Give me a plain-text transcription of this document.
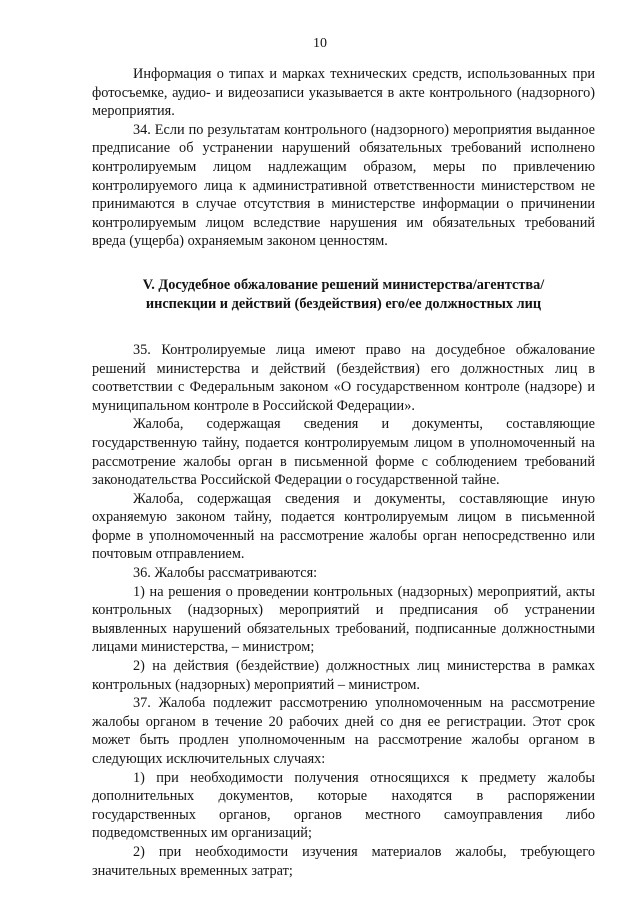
10

Информация о типах и марках технических средств, использованных при фотосъемке, аудио- и видеозаписи указывается в акте контрольного (надзорного) мероприятия.

34. Если по результатам контрольного (надзорного) мероприятия выданное предписание об устранении нарушений обязательных требований исполнено контролируемым лицом надлежащим образом, меры по привлечению контролируемого лица к административной ответственности министерством не принимаются в случае отсутствия в министерстве информации о причинении контролируемым лицом вследствие нарушения им обязательных требований вреда (ущерба) охраняемым законом ценностям.

V. Досудебное обжалование решений министерства/агентства/
инспекции и действий (бездействия) его/ее должностных лиц

35. Контролируемые лица имеют право на досудебное обжалование решений министерства и действий (бездействия) его должностных лиц в соответствии с Федеральным законом «О государственном контроле (надзоре) и муниципальном контроле в Российской Федерации».

Жалоба, содержащая сведения и документы, составляющие государственную тайну, подается контролируемым лицом в уполномоченный на рассмотрение жалобы орган в письменной форме с соблюдением требований законодательства Российской Федерации о государственной тайне.

Жалоба, содержащая сведения и документы, составляющие иную охраняемую законом тайну, подается контролируемым лицом в письменной форме в уполномоченный на рассмотрение жалобы орган непосредственно или почтовым отправлением.

36. Жалобы рассматриваются:

1) на решения о проведении контрольных (надзорных) мероприятий, акты контрольных (надзорных) мероприятий и предписания об устранении выявленных нарушений обязательных требований, подписанные должностными лицами министерства, – министром;

2) на действия (бездействие) должностных лиц министерства в рамках контрольных (надзорных) мероприятий – министром.

37. Жалоба подлежит рассмотрению уполномоченным на рассмотрение жалобы органом в течение 20 рабочих дней со дня ее регистрации. Этот срок может быть продлен уполномоченным на рассмотрение жалобы органом в следующих исключительных случаях:

1) при необходимости получения относящихся к предмету жалобы дополнительных документов, которые находятся в распоряжении государственных органов, органов местного самоуправления либо подведомственных им организаций;

2) при необходимости изучения материалов жалобы, требующего значительных временных затрат;
